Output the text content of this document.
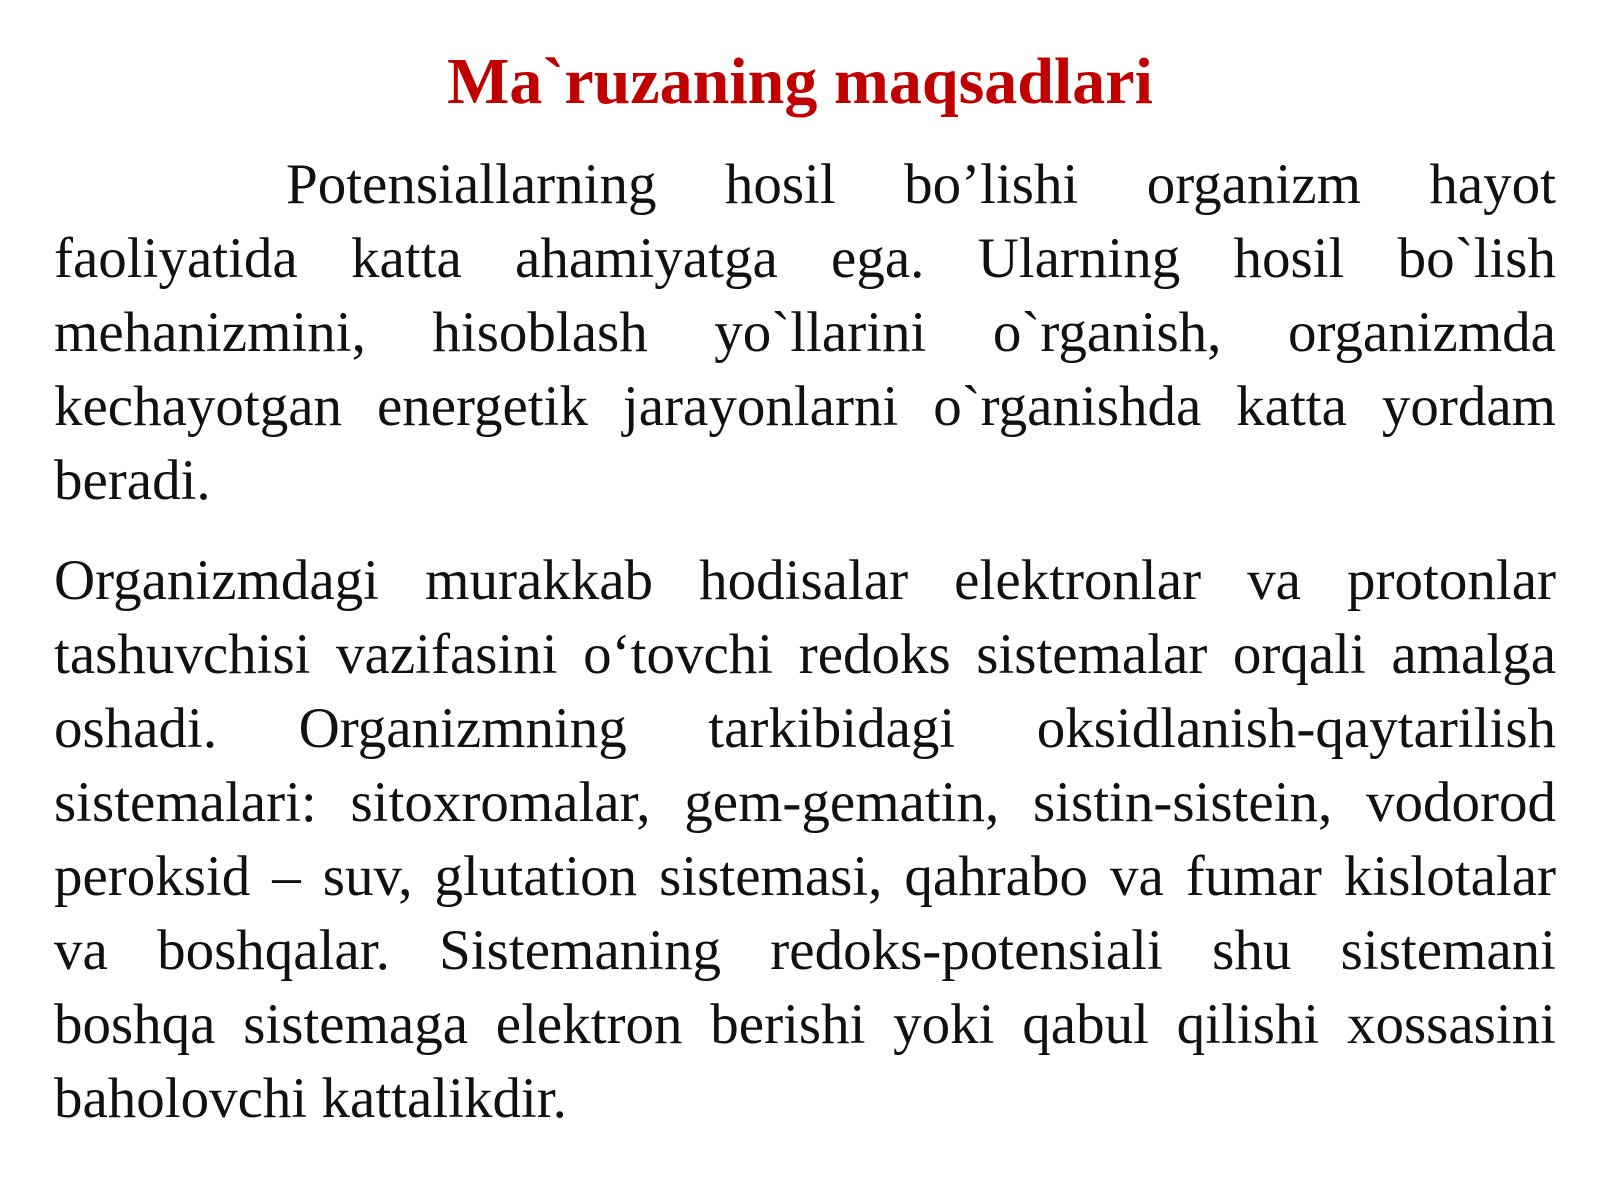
Ma`ruzaning maqsadlari

Potensiallarning hosil bo’lishi organizm hayot faoliyatida katta ahamiyatga ega. Ularning hosil bo`lish mehanizmini, hisoblash yo`llarini o`rganish, organizmda kechayotgan energetik jarayonlarni o`rganishda katta yordam beradi.

Organizmdagi murakkab hodisalar elektronlar va protonlar tashuvchisi vazifasini o‘tovchi redoks sistemalar orqali amalga oshadi. Organizmning tarkibidagi oksidlanish-qaytarilish sistemalari: sitoxromalar, gem-gematin, sistin-sistein, vodorod peroksid – suv, glutation sistemasi, qahrabo va fumar kislotalar va boshqalar. Sistemaning redoks-potensiali shu sistemani boshqa sistemaga elektron berishi yoki qabul qilishi xossasini baholovchi kattalikdir.
